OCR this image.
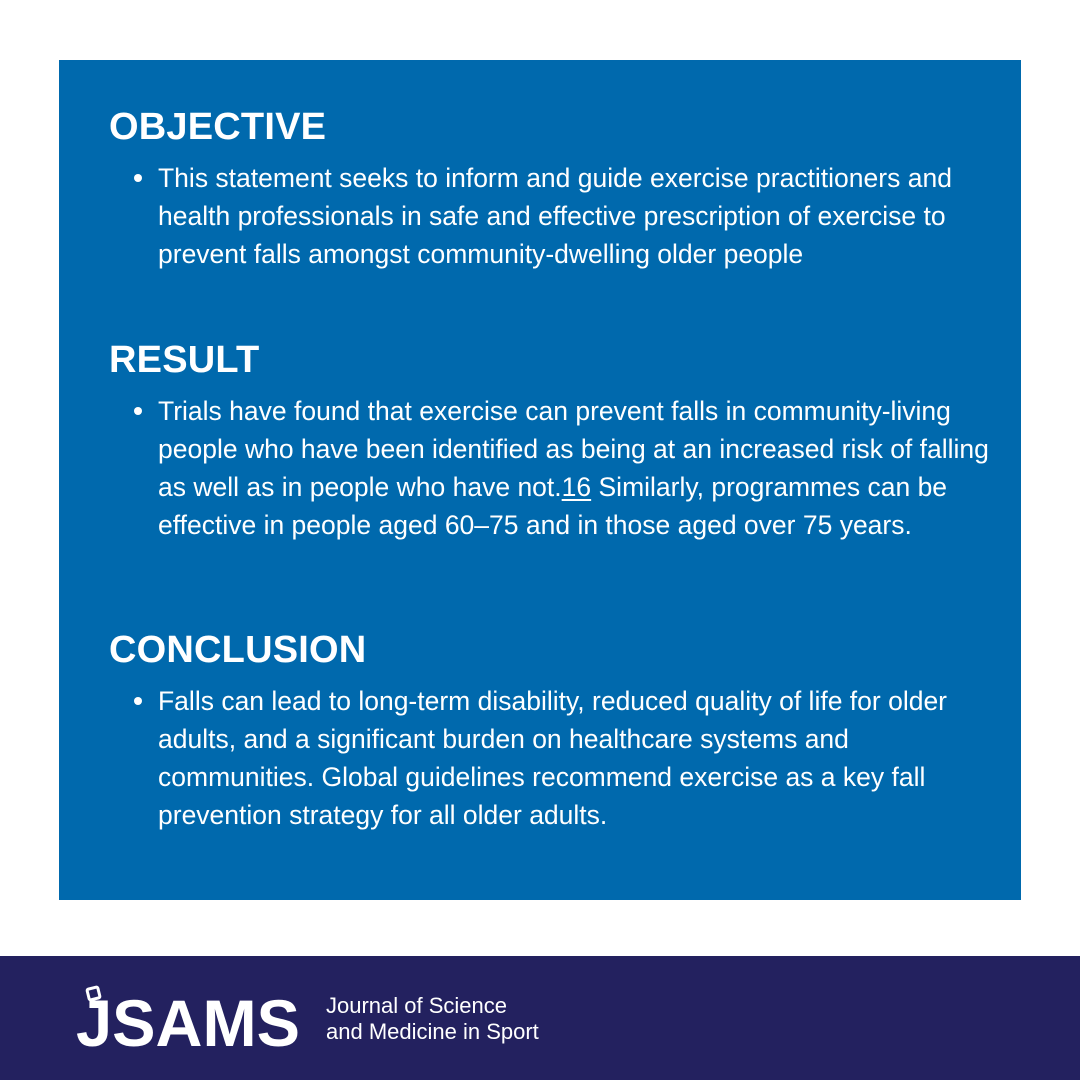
OBJECTIVE
This statement seeks to inform and guide exercise practitioners and health professionals in safe and effective prescription of exercise to prevent falls amongst community-dwelling older people
RESULT
Trials have found that exercise can prevent falls in community-living people who have been identified as being at an increased risk of falling as well as in people who have not.16 Similarly, programmes can be effective in people aged 60–75 and in those aged over 75 years.
CONCLUSION
Falls can lead to long-term disability, reduced quality of life for older adults, and a significant burden on healthcare systems and communities. Global guidelines recommend exercise as a key fall prevention strategy for all older adults.
JSAMS Journal of Science
and Medicine in Sport
